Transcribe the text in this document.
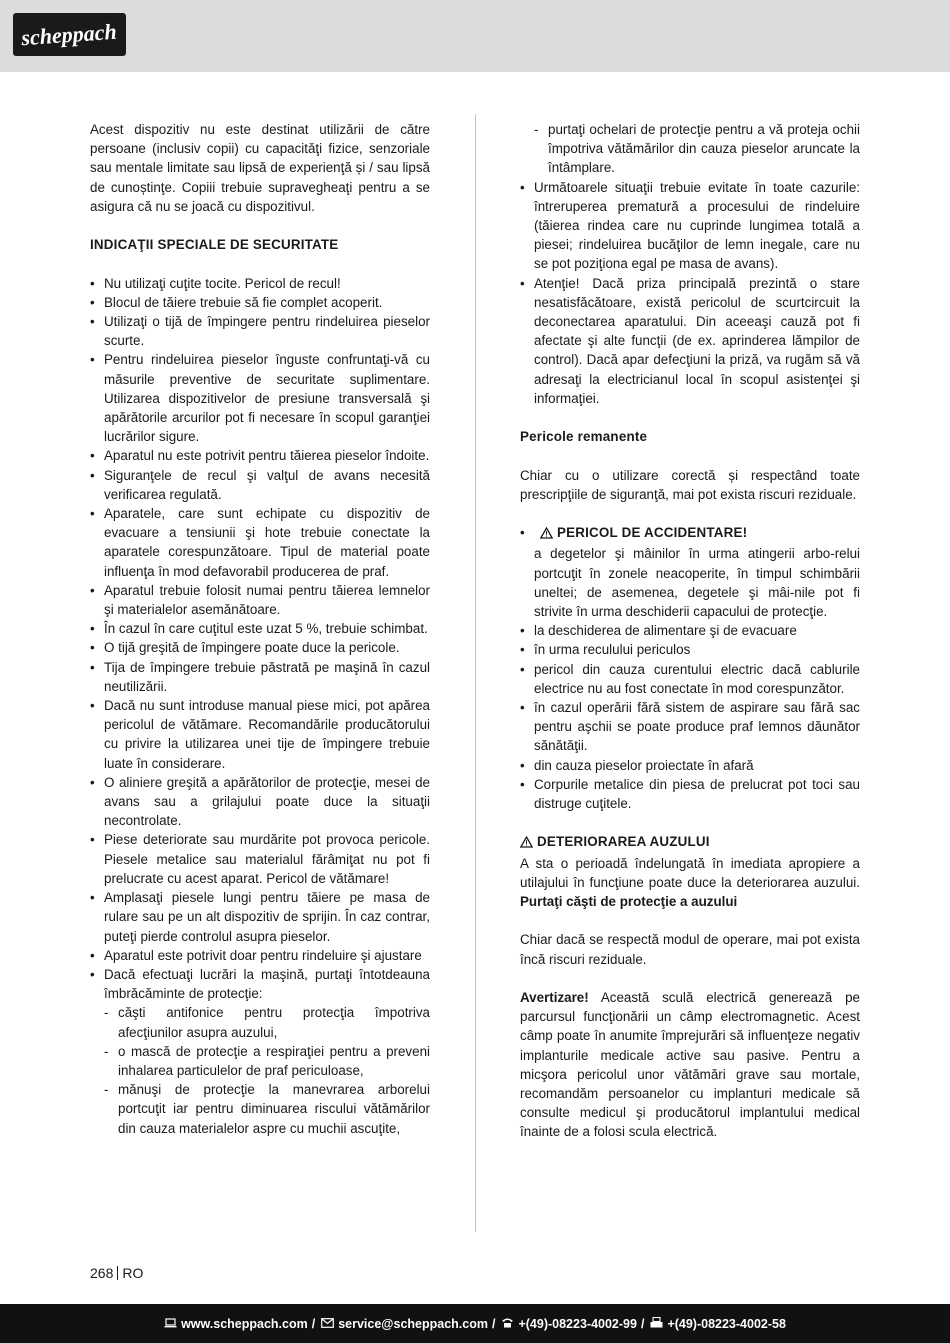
scheppach

Acest dispozitiv nu este destinat utilizării de către persoane (inclusiv copii) cu capacităţi fizice, senzoriale sau mentale limitate sau lipsă de experienţă și / sau lipsă de cunoștinţe. Copiii trebuie supravegheaţi pentru a se asigura că nu se joacă cu dispozitivul.

INDICAŢII SPECIALE DE SECURITATE

• Nu utilizaţi cuţite tocite. Pericol de recul!
• Blocul de tăiere trebuie să fie complet acoperit.
• Utilizaţi o tijă de împingere pentru rindeluirea pieselor scurte.
• Pentru rindeluirea pieselor înguste confruntaţi-vă cu măsurile preventive de securitate suplimentare. Utilizarea dispozitivelor de presiune transversală şi apărătorile arcurilor pot fi necesare în scopul garanţiei lucrărilor sigure.
• Aparatul nu este potrivit pentru tăierea pieselor îndoite.
• Siguranţele de recul şi valţul de avans necesită verificarea regulată.
• Aparatele, care sunt echipate cu dispozitiv de evacuare a tensiunii şi hote trebuie conectate la aparatele corespunzătoare. Tipul de material poate influenţa în mod defavorabil producerea de praf.
• Aparatul trebuie folosit numai pentru tăierea lemnelor şi materialelor asemănătoare.
• În cazul în care cuţitul este uzat 5 %, trebuie schimbat.
• O tijă greşită de împingere poate duce la pericole.
• Tija de împingere trebuie păstrată pe maşină în cazul neutilizării.
• Dacă nu sunt introduse manual piese mici, pot apărea pericolul de vătămare. Recomandările producătorului cu privire la utilizarea unei tije de împingere trebuie luate în considerare.
• O aliniere greşită a apărătorilor de protecţie, mesei de avans sau a grilajului poate duce la situaţii necontrolate.
• Piese deteriorate sau murdărite pot provoca pericole. Piesele metalice sau materialul fărâmiţat nu pot fi prelucrate cu acest aparat. Pericol de vătămare!
• Amplasaţi piesele lungi pentru tăiere pe masa de rulare sau pe un alt dispozitiv de sprijin. În caz contrar, puteţi pierde controlul asupra pieselor.
• Aparatul este potrivit doar pentru rindeluire şi ajustare
• Dacă efectuaţi lucrări la maşină, purtaţi întotdeauna îmbrăcăminte de protecţie:
- căşti antifonice pentru protecţia împotriva afecţiunilor asupra auzului,
- o mască de protecţie a respiraţiei pentru a preveni inhalarea particulelor de praf periculoase,
- mănuşi de protecţie la manevrarea arborelui portcuţit iar pentru diminuarea riscului vătămărilor din cauza materialelor aspre cu muchii ascuţite,
- purtaţi ochelari de protecţie pentru a vă proteja ochii împotriva vătămărilor din cauza pieselor aruncate la întâmplare.
• Următoarele situaţii trebuie evitate în toate cazurile: întreruperea prematură a procesului de rindeluire (tăierea rindea care nu cuprinde lungimea totală a piesei; rindeluirea bucăţilor de lemn inegale, care nu se pot poziţiona egal pe masa de avans).
• Atenţie! Dacă priza principală prezintă o stare nesatisfăcătoare, există pericolul de scurtcircuit la deconectarea aparatului. Din aceeaşi cauză pot fi afectate şi alte funcţii (de ex. aprinderea lămpilor de control). Dacă apar defecţiuni la priză, va rugăm să vă adresaţi la electricianul local în scopul asistenţei şi informaţiei.

Pericole remanente

Chiar cu o utilizare corectă și respectând toate prescripţiile de siguranţă, mai pot exista riscuri reziduale.

• PERICOL DE ACCIDENTARE!
a degetelor şi mâinilor în urma atingerii arbo-relui portcuţit în zonele neacoperite, în timpul schimbării uneltei; de asemenea, degetele şi mâi-nile pot fi strivite în urma deschiderii capacului de protecţie.
• la deschiderea de alimentare şi de evacuare
• în urma reculului periculos
• pericol din cauza curentului electric dacă cablurile electrice nu au fost conectate în mod corespunzător.
• în cazul operării fără sistem de aspirare sau fără sac pentru aşchii se poate produce praf lemnos dăunător sănătăţii.
• din cauza pieselor proiectate în afară
• Corpurile metalice din piesa de prelucrat pot toci sau distruge cuţitele.

DETERIORAREA AUZULUI

A sta o perioadă îndelungată în imediata apropiere a utilajului în funcţiune poate duce la deteriorarea auzului. Purtaţi căşti de protecţie a auzului

Chiar dacă se respectă modul de operare, mai pot exista încă riscuri reziduale.

Avertizare! Această sculă electrică generează pe parcursul funcţionării un câmp electromagnetic. Acest câmp poate în anumite împrejurări să influenţeze negativ implanturile medicale active sau pasive. Pentru a micşora pericolul unor vătămări grave sau mortale, recomandăm persoanelor cu implanturi medicale să consulte medicul şi producătorul implantului medical înainte de a folosi scula electrică.

268 RO
www.scheppach.com / service@scheppach.com / +(49)-08223-4002-99 / +(49)-08223-4002-58
